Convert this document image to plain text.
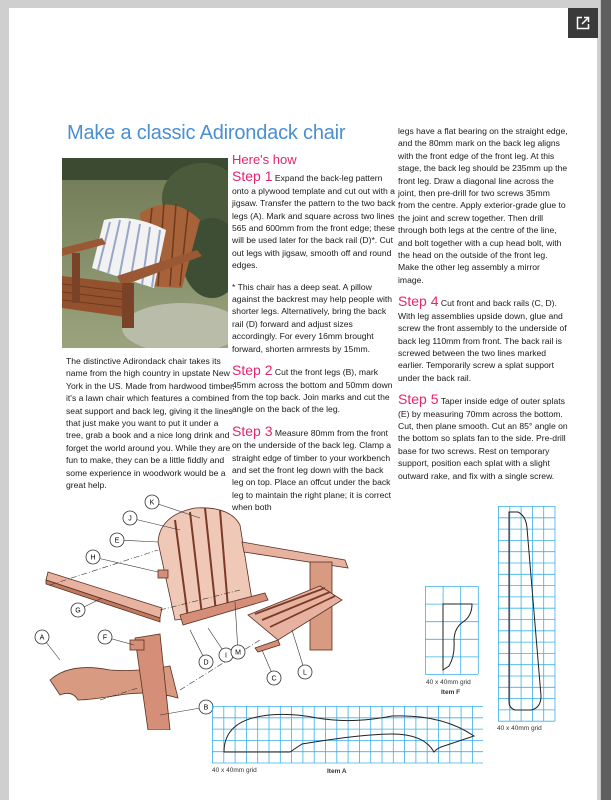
Make a classic Adirondack chair

The distinctive Adirondack chair takes its name from the high country in upstate New York in the US. Made from hardwood timber, it's a lawn chair which features a combined seat support and back leg, giving it the lines that just make you want to put it under a tree, grab a book and a nice long drink and forget the world around you. While they are fun to make, they can be a little fiddly and some experience in woodwork would be a great help.

Here's how

Step 1 Expand the back-leg pattern onto a plywood template and cut out with a jigsaw. Transfer the pattern to the two back legs (A). Mark and square across two lines 565 and 600mm from the front edge; these will be used later for the back rail (D)*. Cut out legs with jigsaw, smooth off and round edges.

* This chair has a deep seat. A pillow against the backrest may help people with shorter legs. Alternatively, bring the back rail (D) forward and adjust sizes accordingly. For every 16mm brought forward, shorten armrests by 15mm.

Step 2 Cut the front legs (B), mark 45mm across the bottom and 50mm down from the top back. Join marks and cut the angle on the back of the leg.

Step 3 Measure 80mm from the front on the underside of the back leg. Clamp a straight edge of timber to your workbench and set the front leg down with the back leg on top. Place an offcut under the back leg to maintain the right plane; it is correct when both

legs have a flat bearing on the straight edge, and the 80mm mark on the back leg aligns with the front edge of the front leg. At this stage, the back leg should be 235mm up the front leg. Draw a diagonal line across the joint, then pre-drill for two screws 35mm from the centre. Apply exterior-grade glue to the joint and screw together. Then drill through both legs at the centre of the line, and bolt together with a cup head bolt, with the head on the outside of the front leg. Make the other leg assembly a mirror image.

Step 4 Cut front and back rails (C, D). With leg assemblies upside down, glue and screw the front assembly to the underside of back leg 110mm from front. The back rail is screwed between the two lines marked earlier. Temporarily screw a splat support under the back rail.

Step 5 Taper inside edge of outer splats (E) by measuring 70mm across the bottom. Cut, then plane smooth. Cut an 85° angle on the bottom so splats fan to the side. Pre-drill base for two screws. Rest on temporary support, position each splat with a slight outward rake, and fix with a single screw.

K
J
E
H
G
A	F
D
I M
C
L
B
40 x 40mm grid
Item F
40 x 40mm grid
40 x 40mm grid	Item A
